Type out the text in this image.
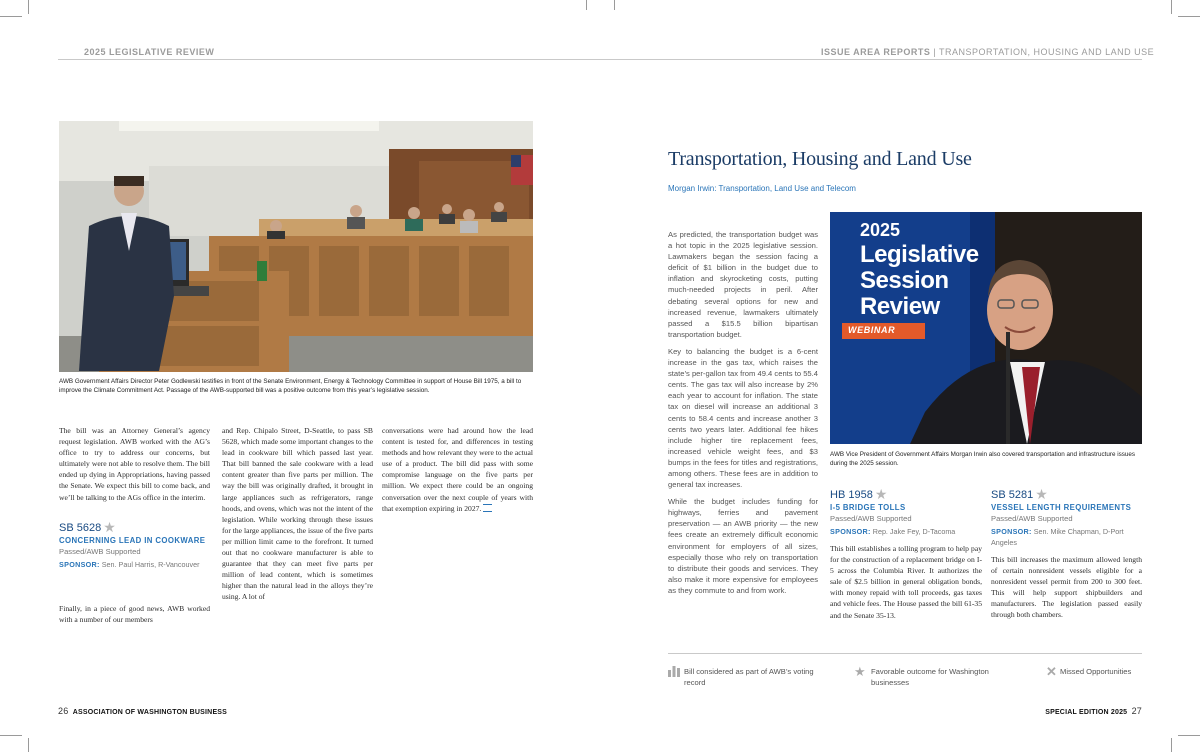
2025 LEGISLATIVE REVIEW
AWB Government Affairs Director Peter Godlewski testifies in front of the Senate Environment, Energy & Technology Committee in support of House Bill 1975, a bill to improve the Climate Commitment Act. Passage of the AWB-supported bill was a positive outcome from this year’s legislative session.
The bill was an Attorney General’s agency request legislation. AWB worked with the AG’s office to try to address our concerns, but ultimately were not able to resolve them. The bill ended up dying in Appropriations, having passed the Senate. We expect this bill to come back, and we’ll be talking to the AGs office in the interim.
SB 5628 ★
CONCERNING LEAD IN COOKWARE
Passed/AWB Supported
SPONSOR: Sen. Paul Harris, R-Vancouver
Finally, in a piece of good news, AWB worked with a number of our members
and Rep. Chipalo Street, D-Seattle, to pass SB 5628, which made some important changes to the lead in cookware bill which passed last year. That bill banned the sale cookware with a lead content greater than five parts per million. The way the bill was originally drafted, it brought in large appliances such as refrigerators, range hoods, and ovens, which was not the intent of the legislation. While working through these issues for the large appliances, the issue of the five parts per million limit came to the forefront. It turned out that no cookware manufacturer is able to guarantee that they can meet five parts per million of lead content, which is sometimes higher than the natural lead in the alloys they’re using. A lot of
conversations were had around how the lead content is tested for, and differences in testing methods and how relevant they were to the actual use of a product. The bill did pass with some compromise language on the five parts per million. We expect there could be an ongoing conversation over the next couple of years with that exemption expiring in 2027.
26 ASSOCIATION OF WASHINGTON BUSINESS
ISSUE AREA REPORTS | TRANSPORTATION, HOUSING AND LAND USE
Transportation, Housing and Land Use
Morgan Irwin: Transportation, Land Use and Telecom
As predicted, the transportation budget was a hot topic in the 2025 legislative session. Lawmakers began the session facing a deficit of $1 billion in the budget due to inflation and skyrocketing costs, putting much-needed projects in peril. After debating several options for new and increased revenue, lawmakers ultimately passed a $15.5 billion bipartisan transportation budget.
Key to balancing the budget is a 6-cent increase in the gas tax, which raises the state’s per-gallon tax from 49.4 cents to 55.4 cents. The gas tax will also increase by 2% each year to account for inflation. The state tax on diesel will increase an additional 3 cents to 58.4 cents and increase another 3 cents two years later. Additional fee hikes include higher tire replacement fees, increased vehicle weight fees, and $3 bumps in the fees for titles and registrations, among others. These fees are in addition to general tax increases.
While the budget includes funding for highways, ferries and pavement preservation — an AWB priority — the new fees create an extremely difficult economic environment for employers of all sizes, especially those who rely on transportation to distribute their goods and services. They also make it more expensive for employees as they commute to and from work.
2025
Legislative
Session
Review
WEBINAR
AWB Vice President of Government Affairs Morgan Irwin also covered transportation and infrastructure issues during the 2025 session.
HB 1958 ★
I-5 BRIDGE TOLLS
Passed/AWB Supported
SPONSOR: Rep. Jake Fey, D-Tacoma
This bill establishes a tolling program to help pay for the construction of a replacement bridge on I-5 across the Columbia River. It authorizes the sale of $2.5 billion in general obligation bonds, with money repaid with toll proceeds, gas taxes and vehicle fees. The House passed the bill 61-35 and the Senate 35-13.
SB 5281 ★
VESSEL LENGTH REQUIREMENTS
Passed/AWB Supported
SPONSOR: Sen. Mike Chapman, D-Port Angeles
This bill increases the maximum allowed length of certain nonresident vessels eligible for a nonresident vessel permit from 200 to 300 feet. This will help support shipbuilders and manufacturers. The legislation passed easily through both chambers.
Bill considered as part of AWB’s voting record
★ Favorable outcome for Washington businesses
✕ Missed Opportunities
SPECIAL EDITION 2025 27
